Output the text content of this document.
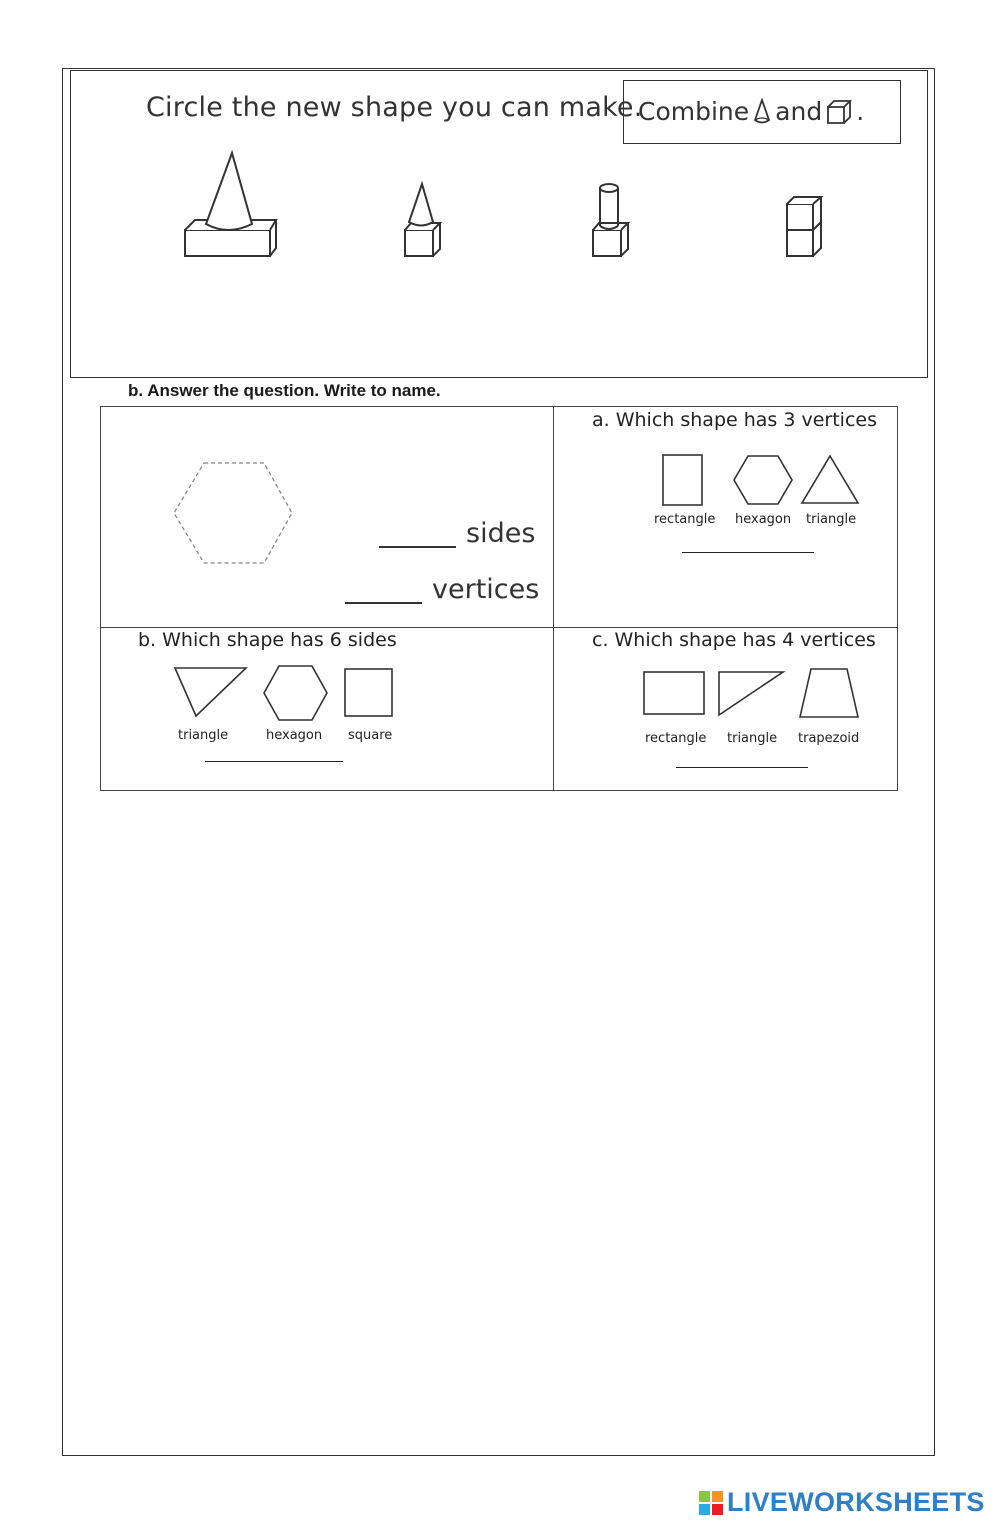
Circle the new shape you can make.
Combine and .
b. Answer the question. Write to name.
sides
vertices
a. Which shape has 3 vertices
rectangle hexagon triangle
b. Which shape has 6 sides
triangle	hexagon square
c. Which shape has 4 vertices
rectangle triangle trapezoid
LIVEWORKSHEETS
